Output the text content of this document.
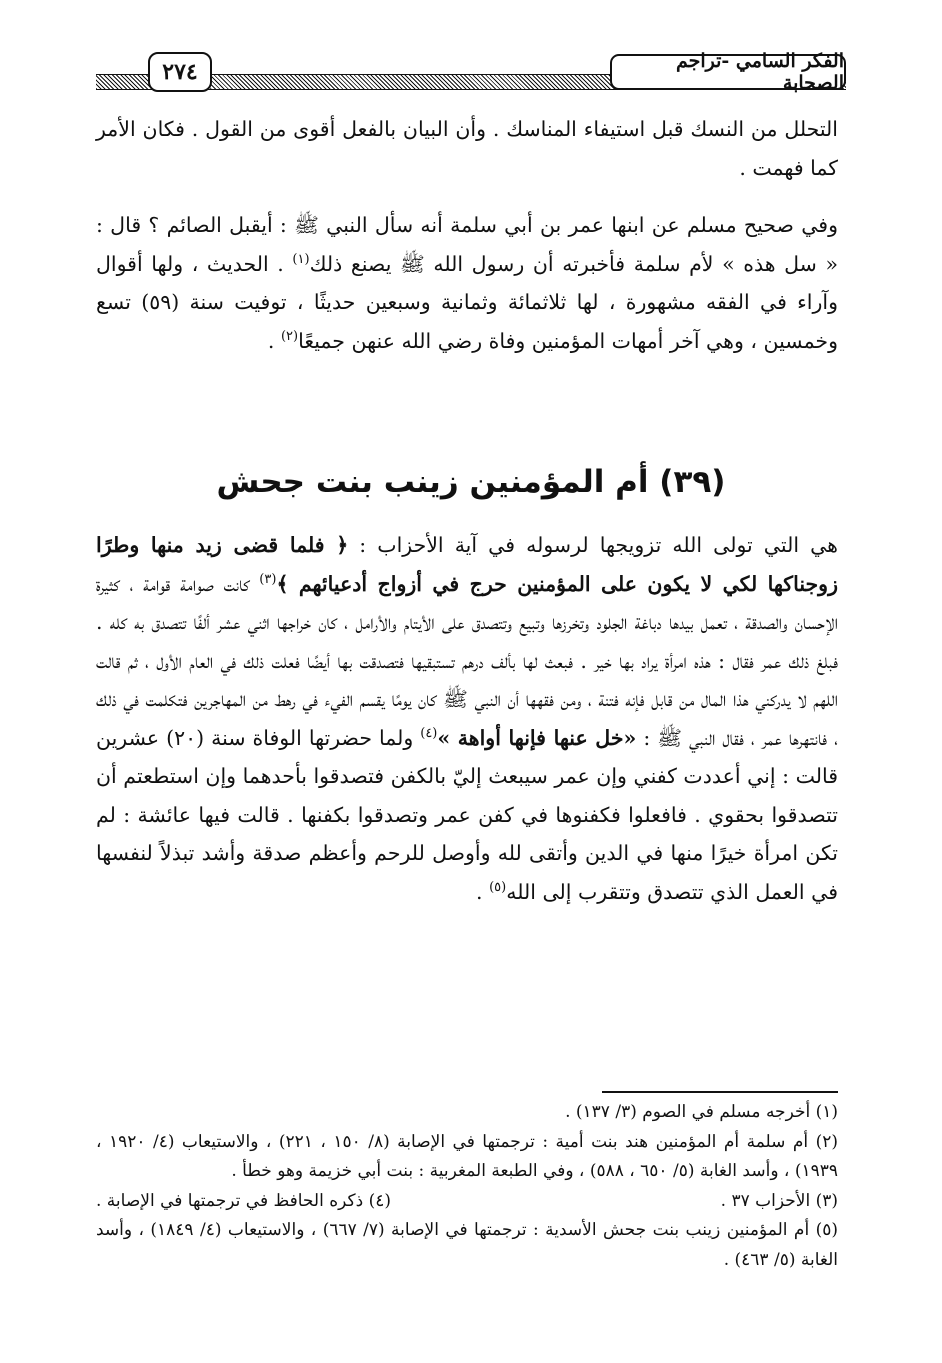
الفكر السامي -تراجم الصحابة
٢٧٤

التحلل من النسك قبل استيفاء المناسك . وأن البيان بالفعل أقوى من القول . فكان الأمر كما فهمت .

وفي صحيح مسلم عن ابنها عمر بن أبي سلمة أنه سأل النبي ﷺ : أيقبل الصائم ؟ قال : « سل هذه » لأم سلمة فأخبرته أن رسول الله ﷺ يصنع ذلك$^{(١)}$ . الحديث ، ولها أقوال وآراء في الفقه مشهورة ، لها ثلاثمائة وثمانية وسبعين حديثًا ، توفيت سنة (٥٩) تسع وخمسين ، وهي آخر أمهات المؤمنين وفاة رضي الله عنهن جميعًا$^{(٢)}$ .

(٣٩) أم المؤمنين زينب بنت جحش

هي التي تولى الله تزويجها لرسوله في آية الأحزاب : ﴿ فلما قضى زيد منها وطرًا زوجناكها لكي لا يكون على المؤمنين حرج في أزواج أدعيائهم ﴾$^{(٣)}$ كانت صوامة قوامة ، كثيرة الإحسان والصدقة ، تعمل بيدها دباغة الجلود وتخرزها وتبيع وتتصدق على الأيتام والأرامل ، كان خراجها اثني عشر ألفًا تتصدق به كله . فبلغ ذلك عمر فقال : هذه امرأة يراد بها خير . فبعث لها بألف درهم تستبقيها فتصدقت بها أيضًا فعلت ذلك في العام الأول ، ثم قالت اللهم لا يدركني هذا المال من قابل فإنه فتنة ، ومن فقهها أن النبي ﷺ كان يومًا يقسم الفيء في رهط من المهاجرين فتكلمت في ذلك ، فانتهرها عمر ، فقال النبي ﷺ : «خل عنها فإنها أواهة »$^{(٤)}$ ولما حضرتها الوفاة سنة (٢٠) عشرين قالت : إني أعددت كفني وإن عمر سيبعث إليّ بالكفن فتصدقوا بأحدهما وإن استطعتم أن تتصدقوا بحقوي . فافعلوا فكفنوها في كفن عمر وتصدقوا بكفنها . قالت فيها عائشة : لم تكن امرأة خيرًا منها في الدين وأتقى لله وأوصل للرحم وأعظم صدقة وأشد تبذلاً لنفسها في العمل الذي تتصدق وتتقرب إلى الله$^{(٥)}$ .

(١) أخرجه مسلم في الصوم (٣/ ١٣٧) .

(٢) أم سلمة أم المؤمنين هند بنت أمية : ترجمتها في الإصابة (٨/ ١٥٠ ، ٢٢١) ، والاستيعاب (٤/ ١٩٢٠ ، ١٩٣٩) ، وأسد الغابة (٥/ ٦٥٠ ، ٥٨٨) ، وفي الطبعة المغربية : بنت أبي خزيمة وهو خطأ .

(٣) الأحزاب ٣٧ .
(٤) ذكره الحافظ في ترجمتها في الإصابة .

(٥) أم المؤمنين زينب بنت جحش الأسدية : ترجمتها في الإصابة (٧/ ٦٦٧) ، والاستيعاب (٤/ ١٨٤٩) ، وأسد الغابة (٥/ ٤٦٣) .
